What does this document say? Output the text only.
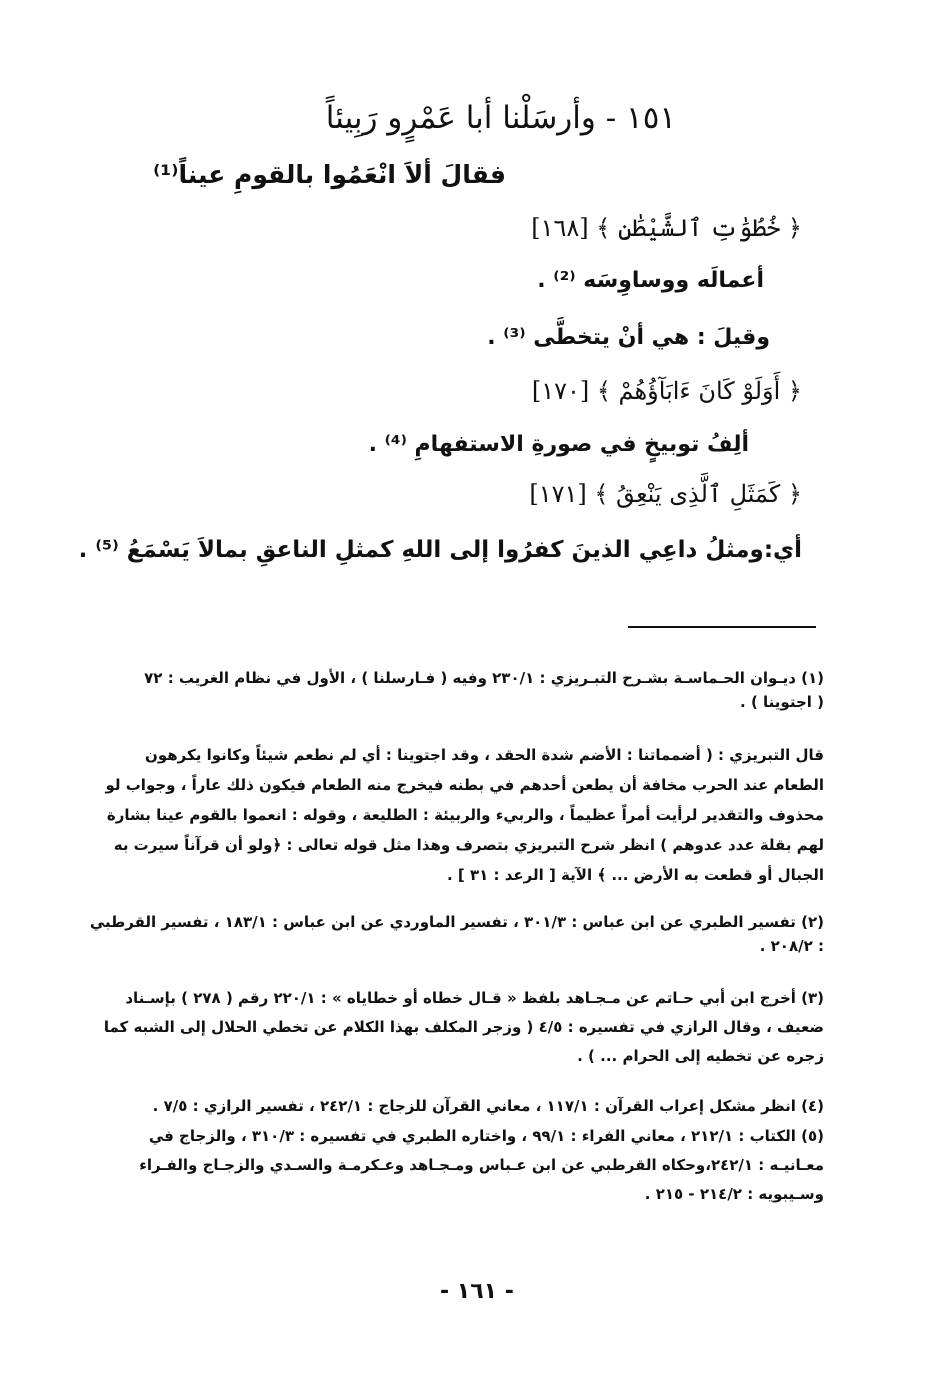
١٥١ - وأرسَلْنا أبا عَمْرٍو رَبِيئاً
فقالَ ألاَ انْعَمُوا بالقومِ عيناً⁽¹⁾
﴿ خُطُوَٰتِ ٱلشَّيْطَٰنِ ﴾ [١٦٨]
أعمالَه ووساوِسَه ⁽²⁾ .
وقيلَ : هي أنْ يتخطَّى ⁽³⁾ .
﴿ أَوَلَوْ كَانَ ءَابَآؤُهُمْ ﴾ [١٧٠]
ألِفُ توبيخٍ في صورةِ الاستفهامِ ⁽⁴⁾ .
﴿ كَمَثَلِ ٱلَّذِى يَنْعِقُ ﴾ [١٧١]
أي:ومثلُ داعِي الذينَ كفرُوا إلى اللهِ كمثلِ الناعقِ بمالاَ يَسْمَعُ ⁽⁵⁾ .
(١) ديـوان الحـماسـة بشـرح التبـريزي : ٢٣٠/١ وفيه ( فـارسلنا ) ، الأول في نظام الغريب : ٧٢
( اجتوينا ) .
قال التبريزي : ( أضمماتنا : الأضم شدة الحقد ، وقد اجتوينا : أي لم نطعم شيئاً وكانوا يكرهون
الطعام عند الحرب مخافة أن يطعن أحدهم في بطنه فيخرج منه الطعام فيكون ذلك عاراً ، وجواب لو
محذوف والتقدير لرأيت أمراً عظيماً ، والربيء والربيئة : الطليعة ، وقوله : انعموا بالقوم عينا بشارة
لهم بقلة عدد عدوهم ) انظر شرح التبريزي بتصرف وهذا مثل قوله تعالى : ﴿ولو أن قرآناً سيرت به
الجبال أو قطعت به الأرض ... ﴾ الآية [ الرعد : ٣١ ] .
(٢) تفسير الطبري عن ابن عباس : ٣٠١/٣ ، تفسير الماوردي عن ابن عباس : ١٨٣/١ ، تفسير القرطبي
: ٢٠٨/٢ .
(٣) أخرج ابن أبي حـاتم عن مـجـاهد بلفظ « قـال خطاه أو خطاياه » : ٢٢٠/١ رقم ( ٢٧٨ ) بإسـناد
ضعيف ، وقال الرازي في تفسيره : ٤/٥ ( وزجر المكلف بهذا الكلام عن تخطي الحلال إلى الشبه كما
زجره عن تخطيه إلى الحرام ... ) .
(٤) انظر مشكل إعراب القرآن : ١١٧/١ ، معاني القرآن للزجاج : ٢٤٢/١ ، تفسير الرازي : ٧/٥ .
(٥) الكتاب : ٢١٢/١ ، معاني الفراء : ٩٩/١ ، واختاره الطبري في تفسيره : ٣١٠/٣ ، والزجاج في
معـانيـه : ٢٤٢/١،وحكاه القرطبي عن ابن عـباس ومـجـاهد وعـكرمـة والسـدي والزجـاج والفـراء
وسـيبويه : ٢١٤/٢ - ٢١٥ .
- ١٦١ -
